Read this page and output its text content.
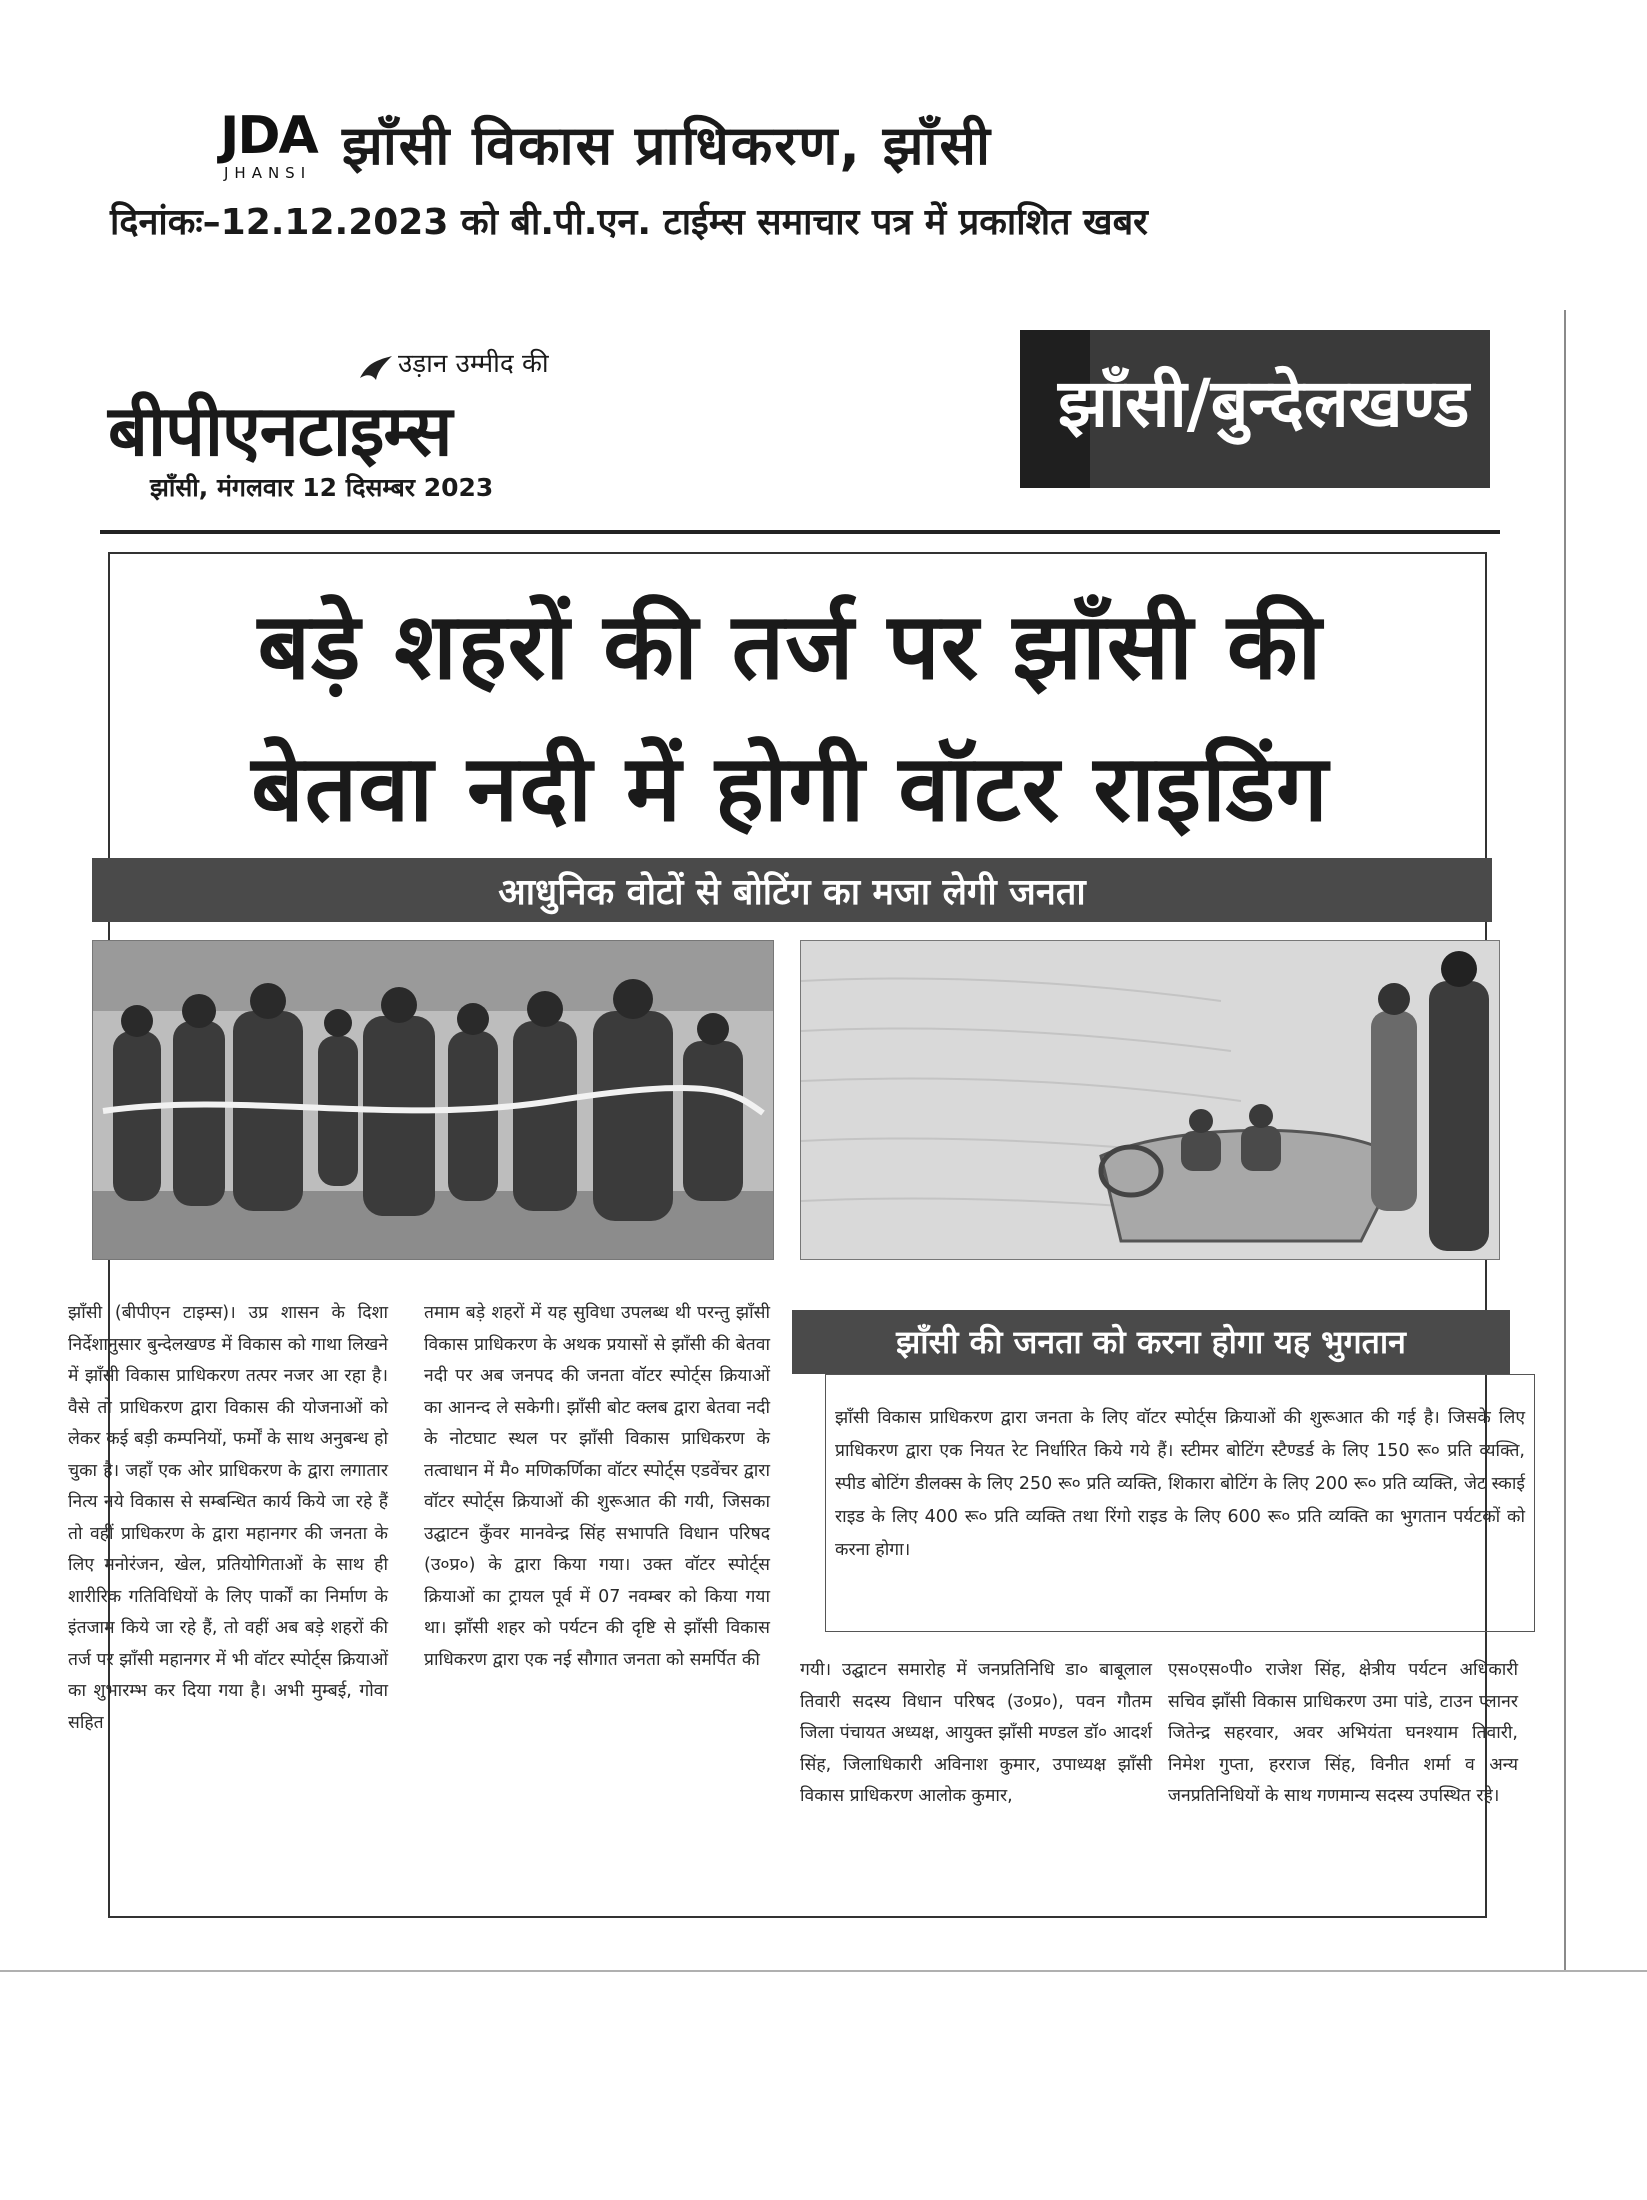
JDA
JHANSI झाँसी विकास प्राधिकरण, झाँसी
दिनांकः–12.12.2023 को बी.पी.एन. टाईम्स समाचार पत्र में प्रकाशित खबर
उड़ान उम्मीद की
बीपीएनटाइम्स
झाँसी, मंगलवार 12 दिसम्बर 2023
झाँसी/बुन्देलखण्ड
बड़े शहरों की तर्ज पर झाँसी की
बेतवा नदी में होगी वॉटर राइडिंग
आधुनिक वोटों से बोटिंग का मजा लेगी जनता
झाँसी (बीपीएन टाइम्स)। उप्र शासन के दिशा निर्देशानुसार बुन्देलखण्ड में विकास को गाथा लिखने में झाँसी विकास प्राधिकरण तत्पर नजर आ रहा है। वैसे तो प्राधिकरण द्वारा विकास की योजनाओं को लेकर कई बड़ी कम्पनियों, फर्मों के साथ अनुबन्ध हो चुका है। जहाँ एक ओर प्राधिकरण के द्वारा लगातार नित्य नये विकास से सम्बन्धित कार्य किये जा रहे हैं तो वहीं प्राधिकरण के द्वारा महानगर की जनता के लिए मनोरंजन, खेल, प्रतियोगिताओं के साथ ही शारीरिक गतिविधियों के लिए पार्कों का निर्माण के इंतजाम किये जा रहे हैं, तो वहीं अब बड़े शहरों की तर्ज पर झाँसी महानगर में भी वॉटर स्पोर्ट्स क्रियाओं का शुभारम्भ कर दिया गया है। अभी मुम्बई, गोवा सहित
तमाम बड़े शहरों में यह सुविधा उपलब्ध थी परन्तु झाँसी विकास प्राधिकरण के अथक प्रयासों से झाँसी की बेतवा नदी पर अब जनपद की जनता वॉटर स्पोर्ट्स क्रियाओं का आनन्द ले सकेगी। झाँसी बोट क्लब द्वारा बेतवा नदी के नोटघाट स्थल पर झाँसी विकास प्राधिकरण के तत्वाधान में मै० मणिकर्णिका वॉटर स्पोर्ट्स एडवेंचर द्वारा वॉटर स्पोर्ट्स क्रियाओं की शुरूआत की गयी, जिसका उद्घाटन कुँवर मानवेन्द्र सिंह सभापति विधान परिषद (उ०प्र०) के द्वारा किया गया। उक्त वॉटर स्पोर्ट्स क्रियाओं का ट्रायल पूर्व में 07 नवम्बर को किया गया था। झाँसी शहर को पर्यटन की दृष्टि से झाँसी विकास प्राधिकरण द्वारा एक नई सौगात जनता को समर्पित की
गयी। उद्घाटन समारोह में जनप्रतिनिधि डा० बाबूलाल तिवारी सदस्य विधान परिषद (उ०प्र०), पवन गौतम जिला पंचायत अध्यक्ष, आयुक्त झाँसी मण्डल डॉ० आदर्श सिंह, जिलाधिकारी अविनाश कुमार, उपाध्यक्ष झाँसी विकास प्राधिकरण आलोक कुमार,
एस०एस०पी० राजेश सिंह, क्षेत्रीय पर्यटन अधिकारी सचिव झाँसी विकास प्राधिकरण उमा पांडे, टाउन प्लानर जितेन्द्र सहरवार, अवर अभियंता घनश्याम तिवारी, निमेश गुप्ता, हरराज सिंह, विनीत शर्मा व अन्य जनप्रतिनिधियों के साथ गणमान्य सदस्य उपस्थित रहे।
झाँसी की जनता को करना होगा यह भुगतान
झाँसी विकास प्राधिकरण द्वारा जनता के लिए वॉटर स्पोर्ट्स क्रियाओं की शुरूआत की गई है। जिसके लिए प्राधिकरण द्वारा एक नियत रेट निर्धारित किये गये हैं। स्टीमर बोटिंग स्टैण्डर्ड के लिए 150 रू० प्रति व्यक्ति, स्पीड बोटिंग डीलक्स के लिए 250 रू० प्रति व्यक्ति, शिकारा बोटिंग के लिए 200 रू० प्रति व्यक्ति, जेट स्काई राइड के लिए 400 रू० प्रति व्यक्ति तथा रिंगो राइड के लिए 600 रू० प्रति व्यक्ति का भुगतान पर्यटकों को करना होगा।
